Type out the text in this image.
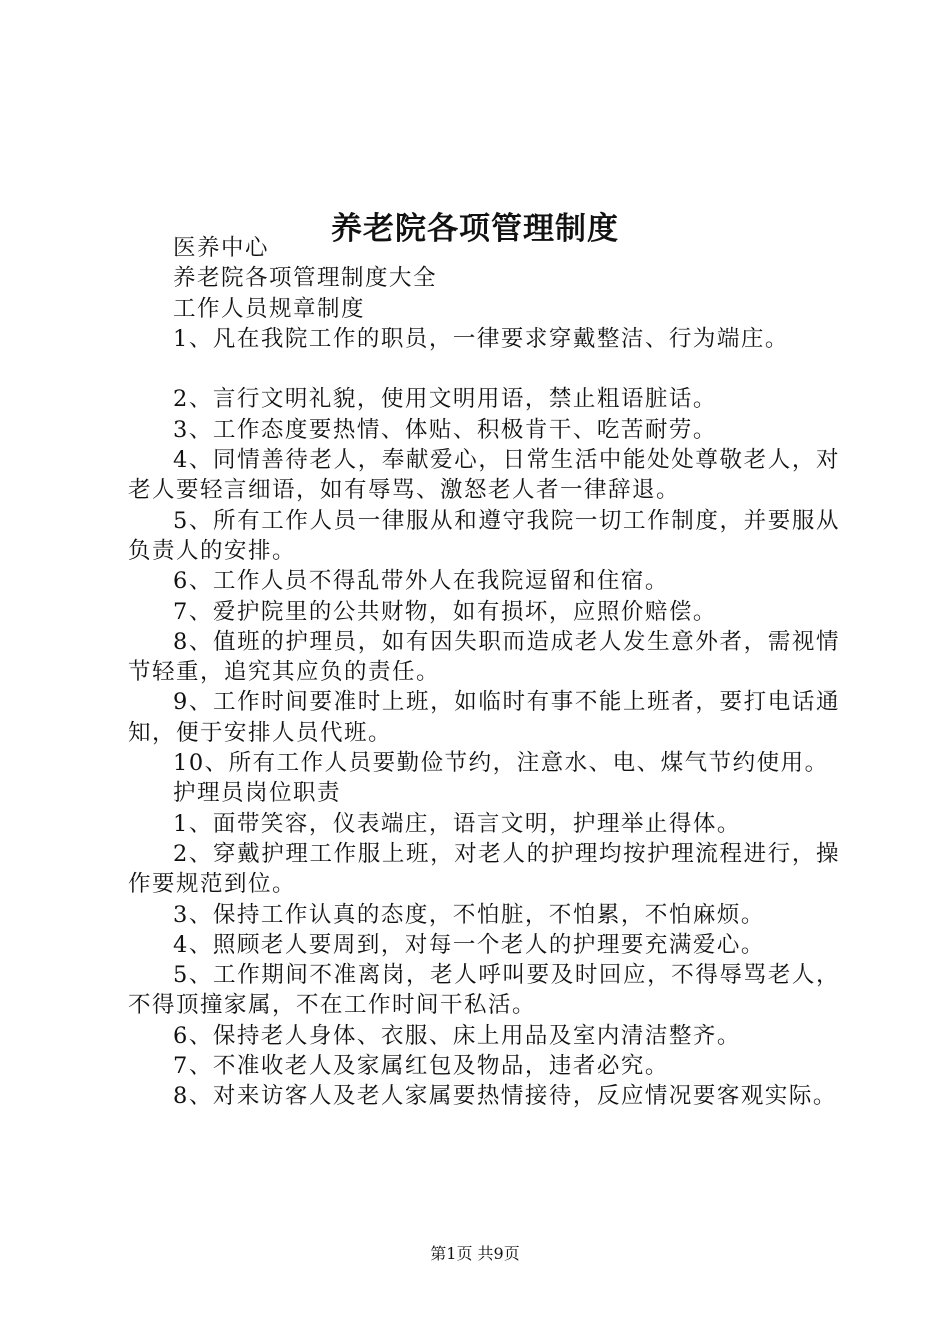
养老院各项管理制度

医养中心

养老院各项管理制度大全

工作人员规章制度

1、凡在我院工作的职员，一律要求穿戴整洁、行为端庄。

2、言行文明礼貌，使用文明用语，禁止粗语脏话。

3、工作态度要热情、体贴、积极肯干、吃苦耐劳。

4、同情善待老人，奉献爱心，日常生活中能处处尊敬老人，对老人要轻言细语，如有辱骂、激怒老人者一律辞退。

5、所有工作人员一律服从和遵守我院一切工作制度，并要服从负责人的安排。

6、工作人员不得乱带外人在我院逗留和住宿。

7、爱护院里的公共财物，如有损坏，应照价赔偿。

8、值班的护理员，如有因失职而造成老人发生意外者，需视情节轻重，追究其应负的责任。

9、工作时间要准时上班，如临时有事不能上班者，要打电话通知，便于安排人员代班。

10、所有工作人员要勤俭节约，注意水、电、煤气节约使用。

护理员岗位职责

1、面带笑容，仪表端庄，语言文明，护理举止得体。

2、穿戴护理工作服上班，对老人的护理均按护理流程进行，操作要规范到位。

3、保持工作认真的态度，不怕脏，不怕累，不怕麻烦。

4、照顾老人要周到，对每一个老人的护理要充满爱心。

5、工作期间不准离岗，老人呼叫要及时回应，不得辱骂老人，不得顶撞家属，不在工作时间干私活。

6、保持老人身体、衣服、床上用品及室内清洁整齐。

7、不准收老人及家属红包及物品，违者必究。

8、对来访客人及老人家属要热情接待，反应情况要客观实际。

第1页 共9页
